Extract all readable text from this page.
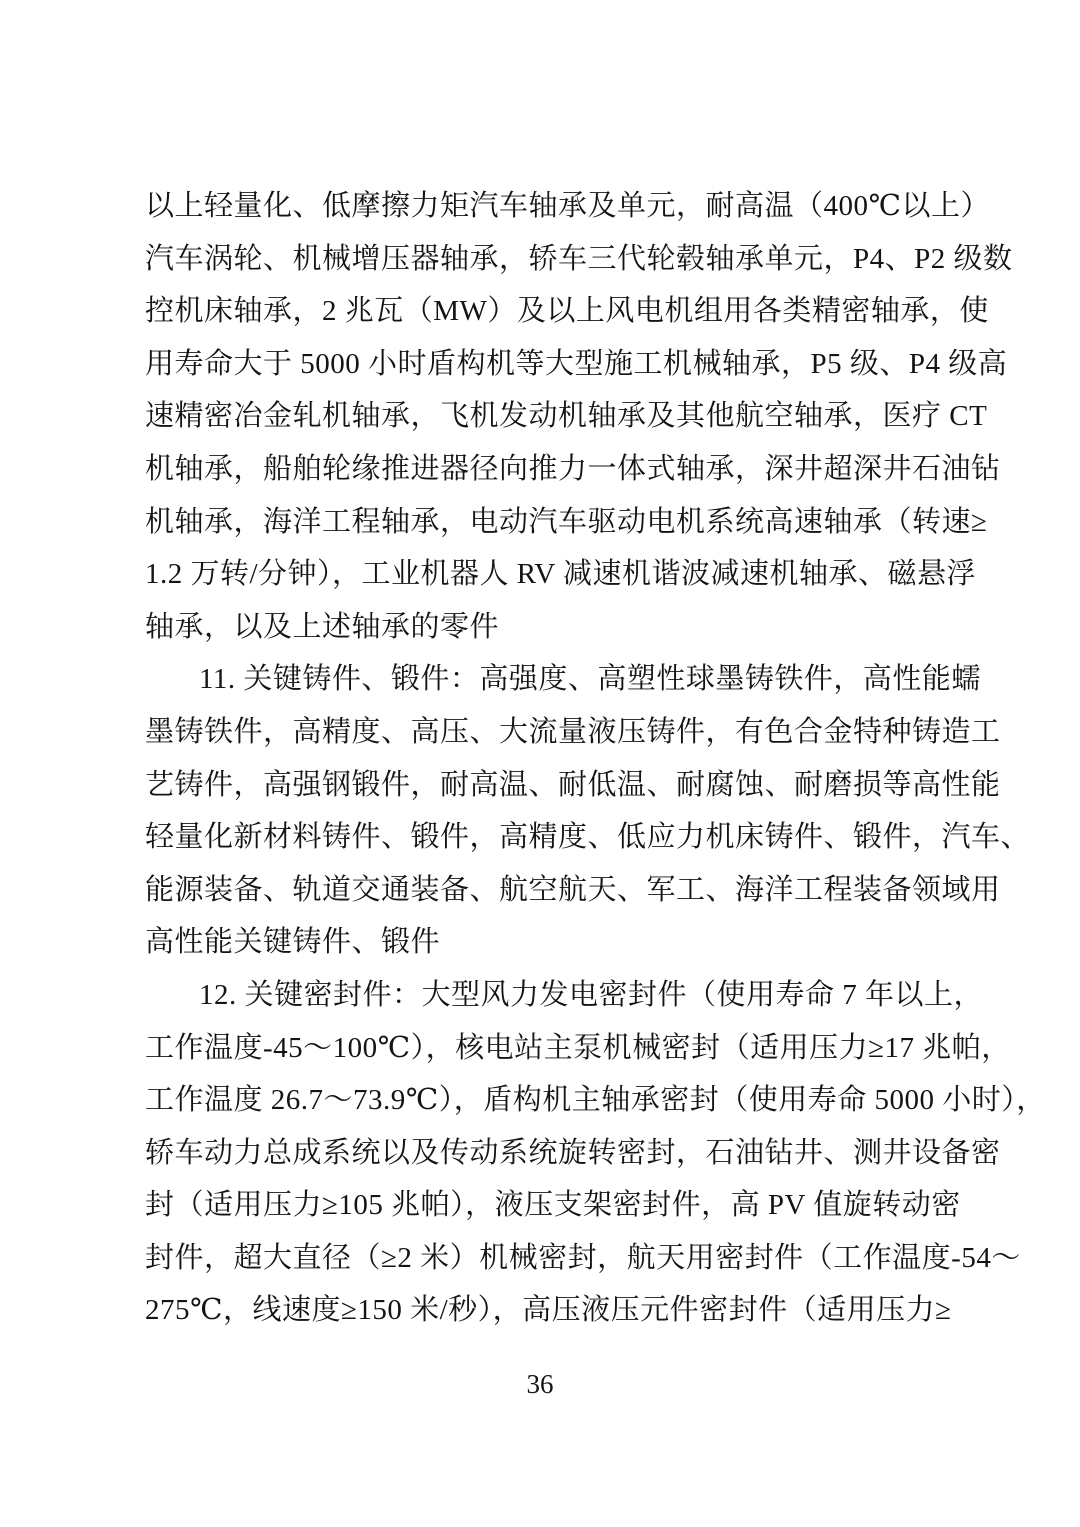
以上轻量化、低摩擦力矩汽车轴承及单元，耐高温（400℃以上）
汽车涡轮、机械增压器轴承，轿车三代轮毂轴承单元，P4、P2 级数
控机床轴承，2 兆瓦（MW）及以上风电机组用各类精密轴承，使
用寿命大于 5000 小时盾构机等大型施工机械轴承，P5 级、P4 级高
速精密冶金轧机轴承，飞机发动机轴承及其他航空轴承，医疗 CT
机轴承，船舶轮缘推进器径向推力一体式轴承，深井超深井石油钻
机轴承，海洋工程轴承，电动汽车驱动电机系统高速轴承（转速≥
1.2 万转/分钟），工业机器人 RV 减速机谐波减速机轴承、磁悬浮
轴承，以及上述轴承的零件
11. 关键铸件、锻件：高强度、高塑性球墨铸铁件，高性能蠕
墨铸铁件，高精度、高压、大流量液压铸件，有色合金特种铸造工
艺铸件，高强钢锻件，耐高温、耐低温、耐腐蚀、耐磨损等高性能
轻量化新材料铸件、锻件，高精度、低应力机床铸件、锻件，汽车、
能源装备、轨道交通装备、航空航天、军工、海洋工程装备领域用
高性能关键铸件、锻件
12. 关键密封件：大型风力发电密封件（使用寿命 7 年以上，
工作温度-45～100℃），核电站主泵机械密封（适用压力≥17 兆帕，
工作温度 26.7～73.9℃），盾构机主轴承密封（使用寿命 5000 小时），
轿车动力总成系统以及传动系统旋转密封，石油钻井、测井设备密
封（适用压力≥105 兆帕），液压支架密封件，高 PV 值旋转动密
封件，超大直径（≥2 米）机械密封，航天用密封件（工作温度-54～
275℃，线速度≥150 米/秒），高压液压元件密封件（适用压力≥
36
